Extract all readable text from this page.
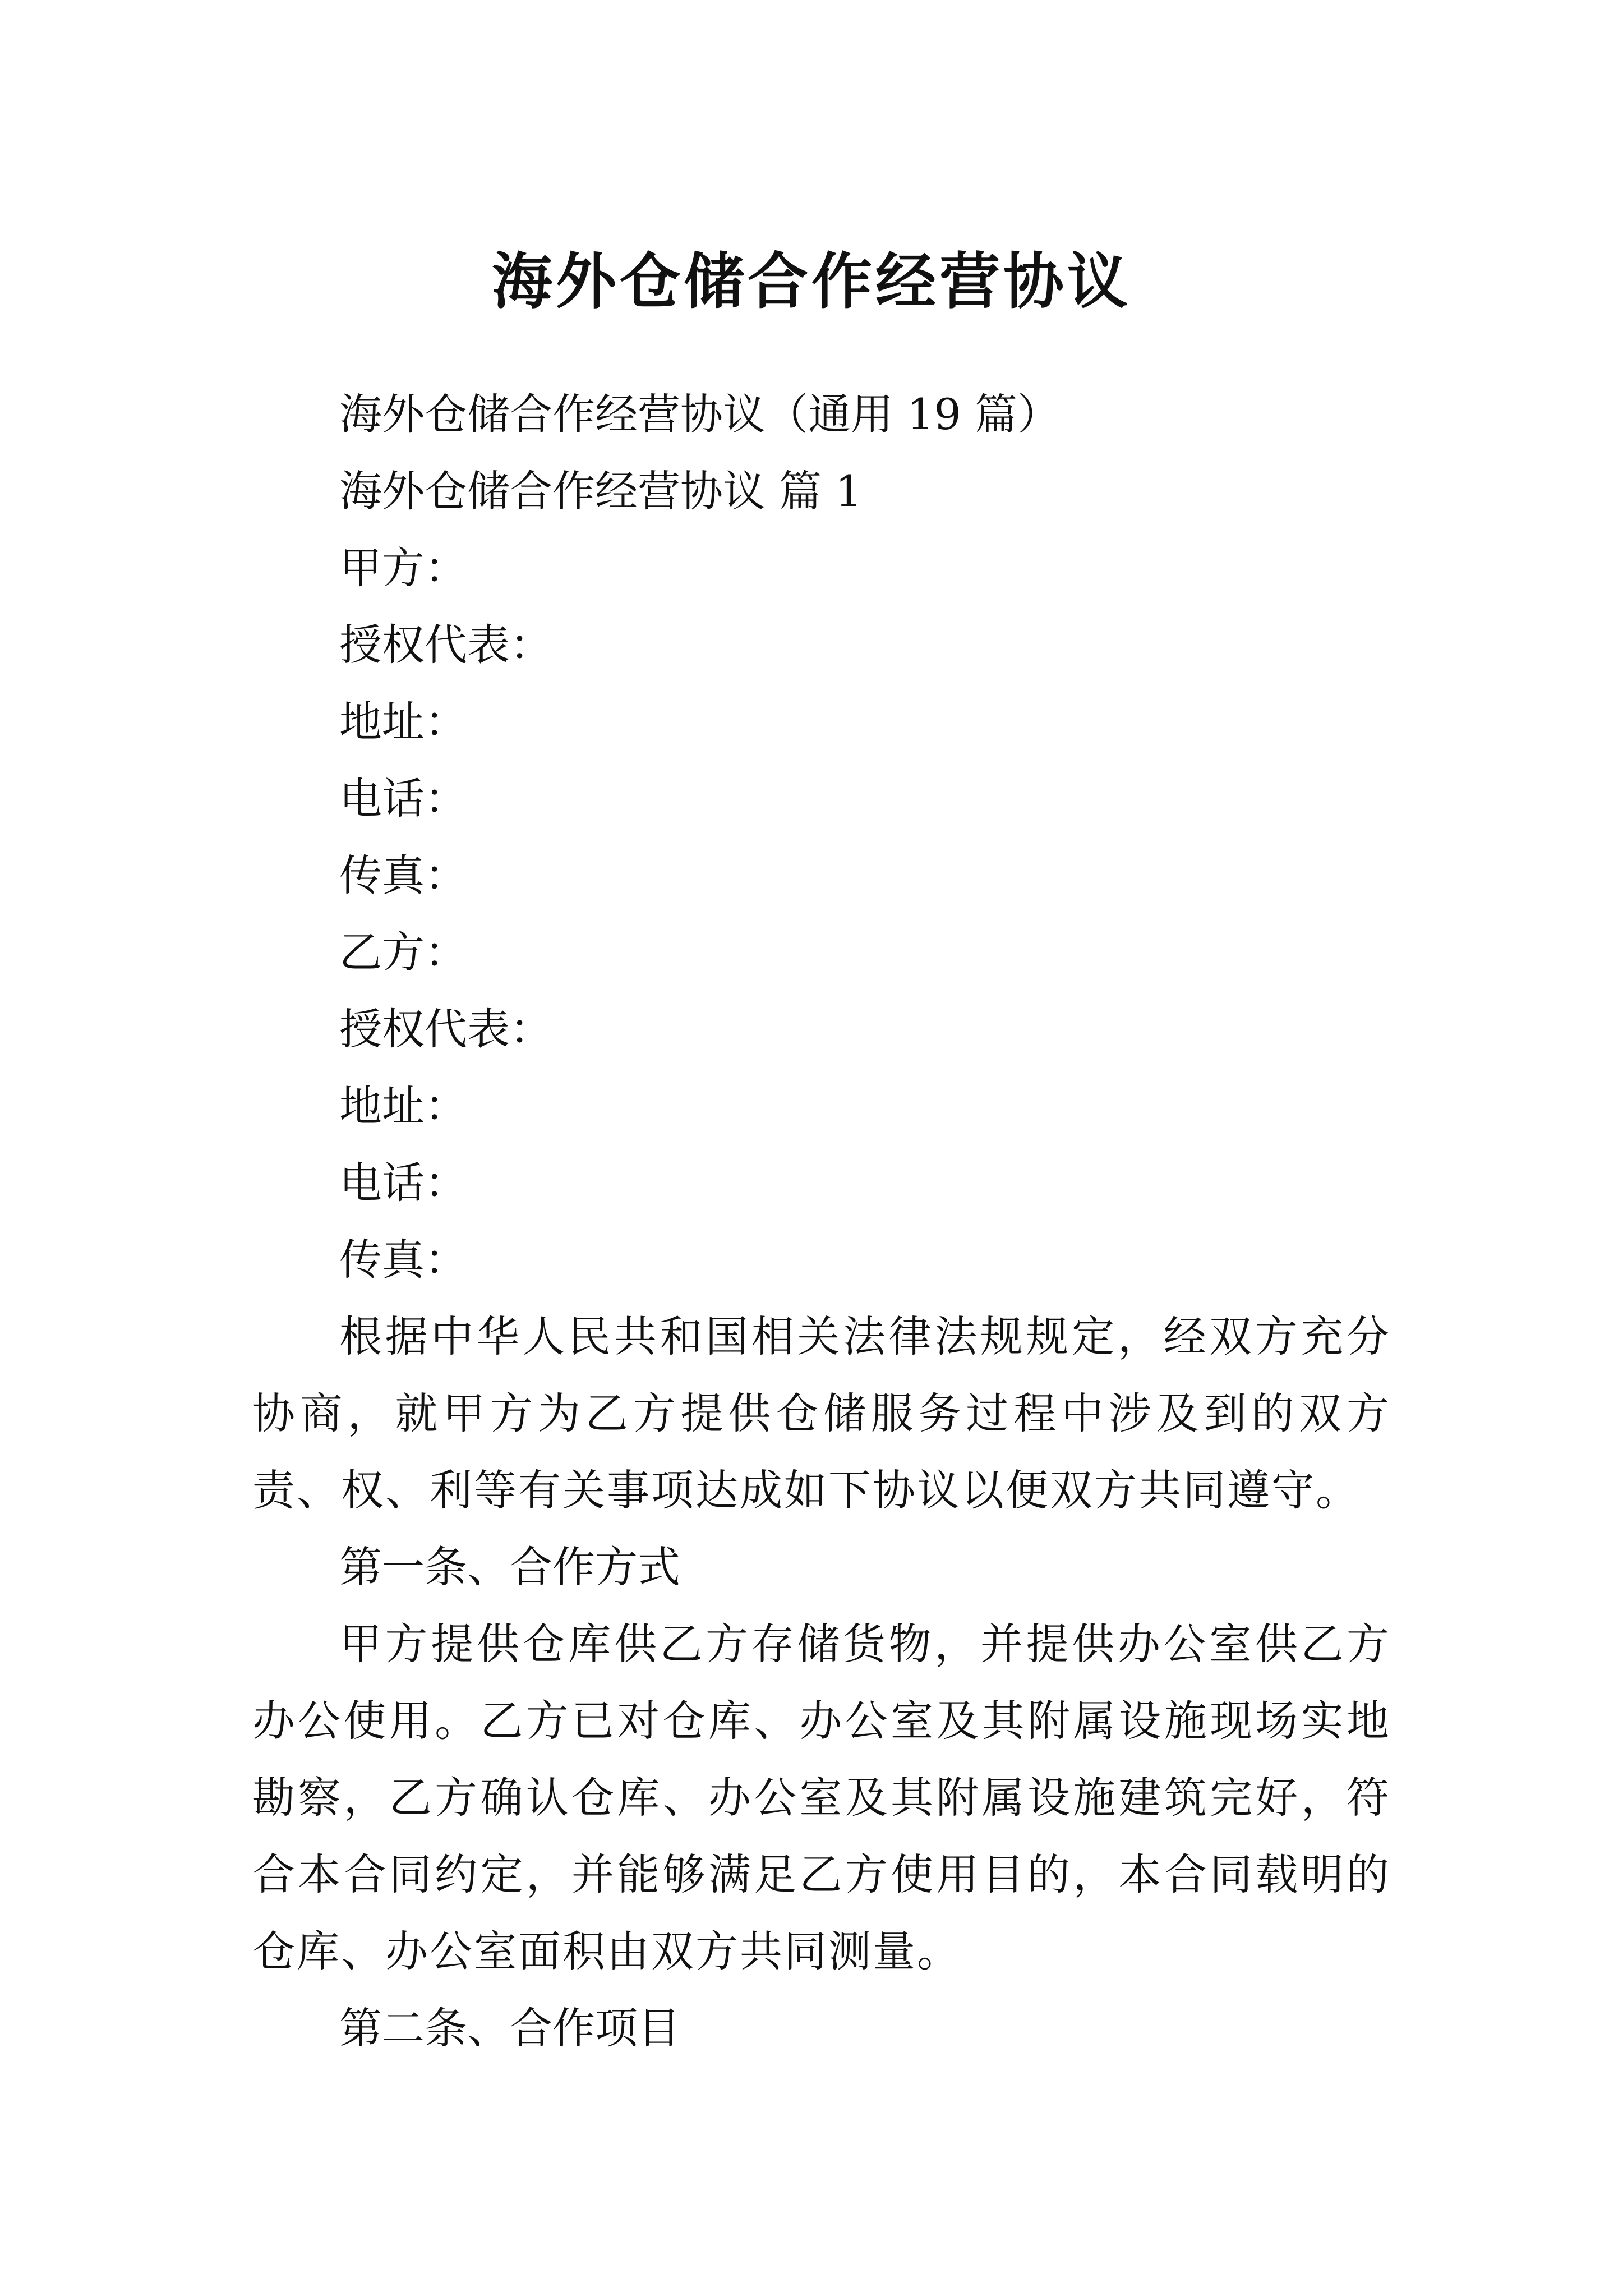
海外仓储合作经营协议

海外仓储合作经营协议（通用 19 篇）

海外仓储合作经营协议 篇 1

甲方：

授权代表：

地址：

电话：

传真：

乙方：

授权代表：

地址：

电话：

传真：

根据中华人民共和国相关法律法规规定，经双方充分协商，就甲方为乙方提供仓储服务过程中涉及到的双方责、权、利等有关事项达成如下协议以便双方共同遵守。

第一条、合作方式

甲方提供仓库供乙方存储货物，并提供办公室供乙方办公使用。乙方已对仓库、办公室及其附属设施现场实地勘察，乙方确认仓库、办公室及其附属设施建筑完好，符合本合同约定，并能够满足乙方使用目的，本合同载明的仓库、办公室面积由双方共同测量。

第二条、合作项目
